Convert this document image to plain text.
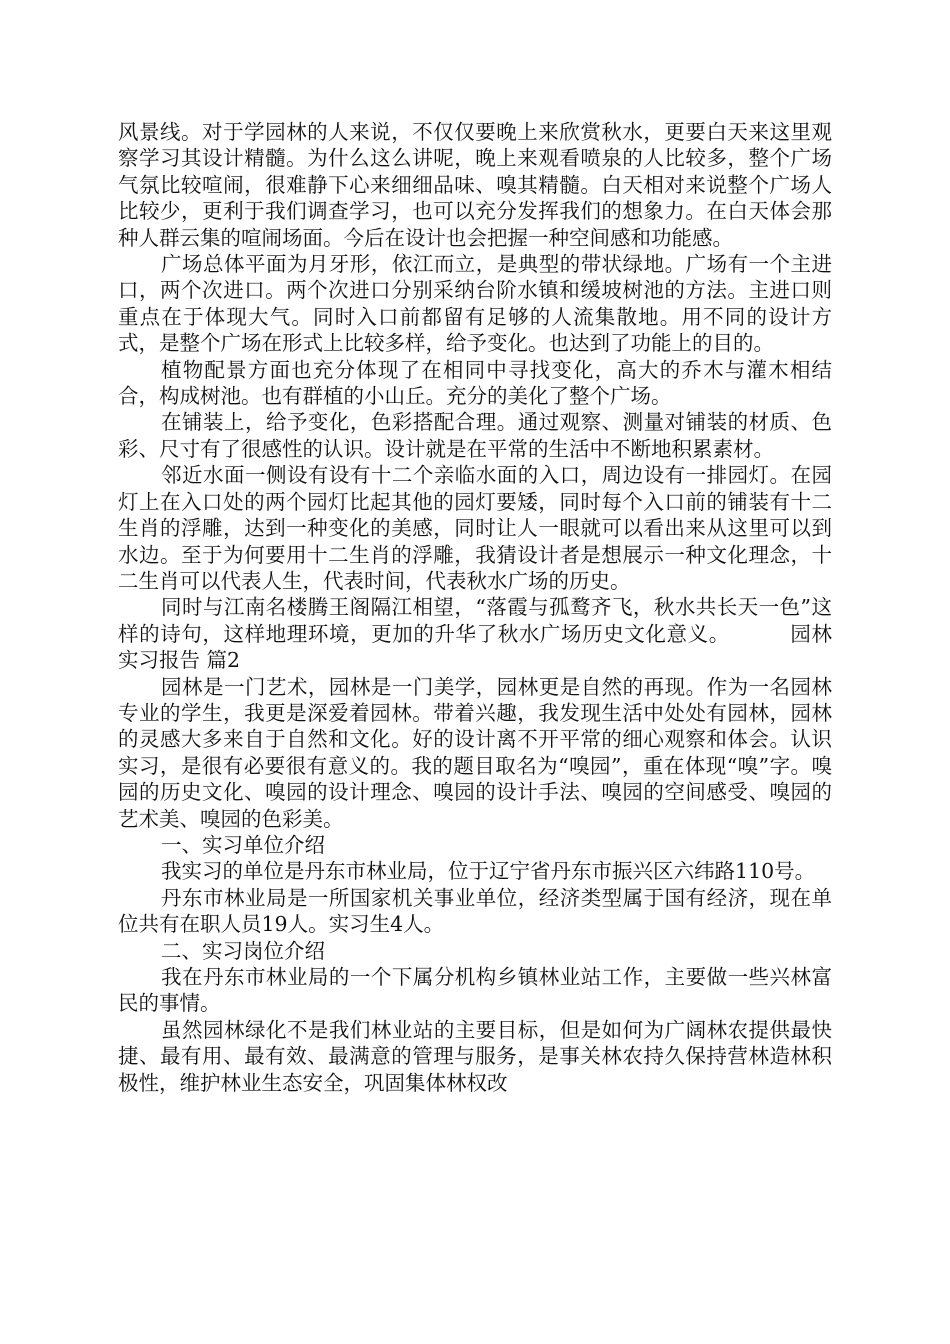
风景线。对于学园林的人来说，不仅仅要晚上来欣赏秋水，更要白天来这里观察学习其设计精髓。为什么这么讲呢，晚上来观看喷泉的人比较多，整个广场气氛比较喧闹，很难静下心来细细品味、嗅其精髓。白天相对来说整个广场人比较少，更利于我们调查学习，也可以充分发挥我们的想象力。在白天体会那种人群云集的喧闹场面。今后在设计也会把握一种空间感和功能感。

广场总体平面为月牙形，依江而立，是典型的带状绿地。广场有一个主进口，两个次进口。两个次进口分别采纳台阶水镇和缓坡树池的方法。主进口则重点在于体现大气。同时入口前都留有足够的人流集散地。用不同的设计方式，是整个广场在形式上比较多样，给予变化。也达到了功能上的目的。

植物配景方面也充分体现了在相同中寻找变化，高大的乔木与灌木相结合，构成树池。也有群植的小山丘。充分的美化了整个广场。

在铺装上，给予变化，色彩搭配合理。通过观察、测量对铺装的材质、色彩、尺寸有了很感性的认识。设计就是在平常的生活中不断地积累素材。

邻近水面一侧设有设有十二个亲临水面的入口，周边设有一排园灯。在园灯上在入口处的两个园灯比起其他的园灯要矮，同时每个入口前的铺装有十二生肖的浮雕，达到一种变化的美感，同时让人一眼就可以看出来从这里可以到水边。至于为何要用十二生肖的浮雕，我猜设计者是想展示一种文化理念，十二生肖可以代表人生，代表时间，代表秋水广场的历史。

同时与江南名楼腾王阁隔江相望，“落霞与孤鹜齐飞，秋水共长天一色”这样的诗句，这样地理环境，更加的升华了秋水广场历史文化意义。	园林实习报告 篇2

园林是一门艺术，园林是一门美学，园林更是自然的再现。作为一名园林专业的学生，我更是深爱着园林。带着兴趣，我发现生活中处处有园林，园林的灵感大多来自于自然和文化。好的设计离不开平常的细心观察和体会。认识实习，是很有必要很有意义的。我的题目取名为“嗅园”，重在体现“嗅”字。嗅园的历史文化、嗅园的设计理念、嗅园的设计手法、嗅园的空间感受、嗅园的艺术美、嗅园的色彩美。

一、实习单位介绍

我实习的单位是丹东市林业局，位于辽宁省丹东市振兴区六纬路110号。

丹东市林业局是一所国家机关事业单位，经济类型属于国有经济，现在单位共有在职人员19人。实习生4人。

二、实习岗位介绍

我在丹东市林业局的一个下属分机构乡镇林业站工作，主要做一些兴林富民的事情。

虽然园林绿化不是我们林业站的主要目标，但是如何为广阔林农提供最快捷、最有用、最有效、最满意的管理与服务，是事关林农持久保持营林造林积极性，维护林业生态安全，巩固集体林权改
